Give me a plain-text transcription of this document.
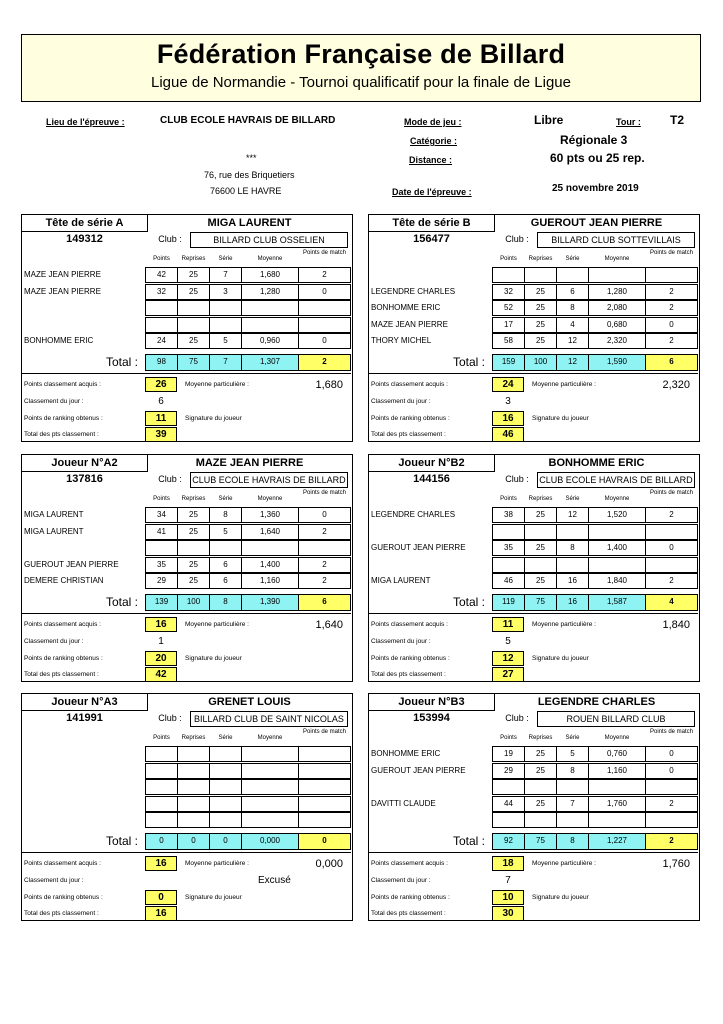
Fédération Française de Billard
Ligue de Normandie - Tournoi qualificatif pour la finale de Ligue
Lieu de l'épreuve :	CLUB ECOLE HAVRAIS DE BILLARD
***
76, rue des Briquetiers
76600 LE HAVRE
Mode de jeu :	Libre	Tour : T2
Catégorie :	Régionale 3
Distance :	60 pts ou 25 rep.
Date de l'épreuve :	25 novembre 2019
Tête de série A	MIGA LAURENT
149312	Club :	BILLARD CLUB OSSELIEN
Points	Reprises	Série	Moyenne
Points de match
MAZE JEAN PIERRE	42	25	7	1,680	2
MAZE JEAN PIERRE	32	25	3	1,280	0
BONHOMME ERIC	24	25	5	0,960	0
Total :	98	75	7	1,307	2
Points classement acquis :	26	Moyenne particulière :	1,680
Classement du jour :	6
Points de ranking obtenus :	11	Signature du joueur
Total des pts classement :	39
Tête de série B	GUEROUT JEAN PIERRE
156477	Club :	BILLARD CLUB SOTTEVILLAIS
Points	Reprises	Série	Moyenne
Points de match
LEGENDRE CHARLES	32	25	6	1,280	2
BONHOMME ERIC	52	25	8	2,080	2
MAZE JEAN PIERRE	17	25	4	0,680	0
THORY MICHEL	58	25	12	2,320	2
Total :	159	100	12	1,590	6
Points classement acquis :	24	Moyenne particulière :	2,320
Classement du jour :	3
Points de ranking obtenus :	16	Signature du joueur
Total des pts classement :	46
Joueur N°A2	MAZE JEAN PIERRE
137816	Club :	CLUB ECOLE HAVRAIS DE BILLARD
Points	Reprises	Série	Moyenne
Points de match
MIGA LAURENT	34	25	8	1,360	0
MIGA LAURENT	41	25	5	1,640	2
GUEROUT JEAN PIERRE	35	25	6	1,400	2
DEMERE CHRISTIAN	29	25	6	1,160	2
Total :	139	100	8	1,390	6
Points classement acquis :	16	Moyenne particulière :	1,640
Classement du jour :	1
Points de ranking obtenus :	20	Signature du joueur
Total des pts classement :	42
Joueur N°B2	BONHOMME ERIC
144156	Club :	CLUB ECOLE HAVRAIS DE BILLARD
Points	Reprises	Série	Moyenne
Points de match
LEGENDRE CHARLES	38	25	12	1,520	2
GUEROUT JEAN PIERRE	35	25	8	1,400	0
MIGA LAURENT	46	25	16	1,840	2
Total :	119	75	16	1,587	4
Points classement acquis :	11	Moyenne particulière :	1,840
Classement du jour :	5
Points de ranking obtenus :	12	Signature du joueur
Total des pts classement :	27
Joueur N°A3	GRENET LOUIS
141991	Club :	BILLARD CLUB DE SAINT NICOLAS
Points	Reprises	Série	Moyenne
Points de match
Total :	0	0	0	0,000	0
Points classement acquis :	16	Moyenne particulière :	0,000
Classement du jour :	Excusé
Points de ranking obtenus :	0	Signature du joueur
Total des pts classement :	16
Joueur N°B3	LEGENDRE CHARLES
153994	Club :	ROUEN BILLARD CLUB
Points	Reprises	Série	Moyenne
Points de match
BONHOMME ERIC	19	25	5	0,760	0
GUEROUT JEAN PIERRE	29	25	8	1,160	0
DAVITTI CLAUDE	44	25	7	1,760	2
Total :	92	75	8	1,227	2
Points classement acquis :	18	Moyenne particulière :	1,760
Classement du jour :	7
Points de ranking obtenus :	10	Signature du joueur
Total des pts classement :	30
